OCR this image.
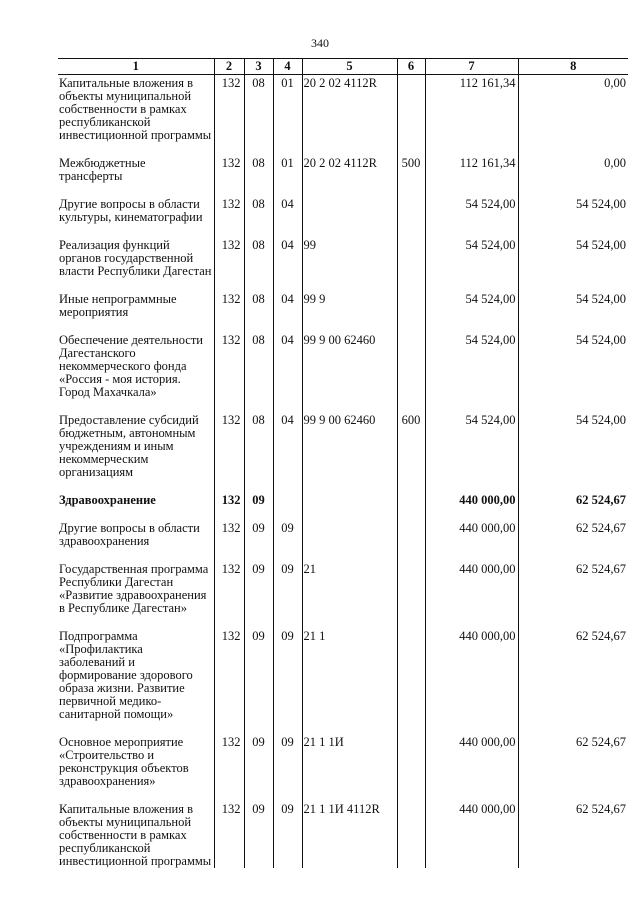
340
1	2	3	4	5	6	7	8
Капитальные вложения в объекты муниципальной собственности в рамках республиканской инвестиционной программы	132	08	01	20 2 02 4112R		112 161,34	0,00
Межбюджетные трансферты	132	08	01	20 2 02 4112R	500	112 161,34	0,00
Другие вопросы в области культуры, кинематографии	132	08	04			54 524,00	54 524,00
Реализация функций органов государственной власти Республики Дагестан	132	08	04	99		54 524,00	54 524,00
Иные непрограммные мероприятия	132	08	04	99 9		54 524,00	54 524,00
Обеспечение деятельности Дагестанского некоммерческого фонда «Россия - моя история. Город Махачкала»	132	08	04	99 9 00 62460		54 524,00	54 524,00
Предоставление субсидий бюджетным, автономным учреждениям и иным некоммерческим организациям	132	08	04	99 9 00 62460	600	54 524,00	54 524,00
Здравоохранение	132	09				440 000,00	62 524,67
Другие вопросы в области здравоохранения	132	09	09			440 000,00	62 524,67
Государственная программа Республики Дагестан «Развитие здравоохранения в Республике Дагестан»	132	09	09	21		440 000,00	62 524,67
Подпрограмма «Профилактика заболеваний и формирование здорового образа жизни. Развитие первичной медико-санитарной помощи»	132	09	09	21 1		440 000,00	62 524,67
Основное мероприятие «Строительство и реконструкция объектов здравоохранения»	132	09	09	21 1 1И		440 000,00	62 524,67
Капитальные вложения в объекты муниципальной собственности в рамках республиканской инвестиционной программы	132	09	09	21 1 1И 4112R		440 000,00	62 524,67
